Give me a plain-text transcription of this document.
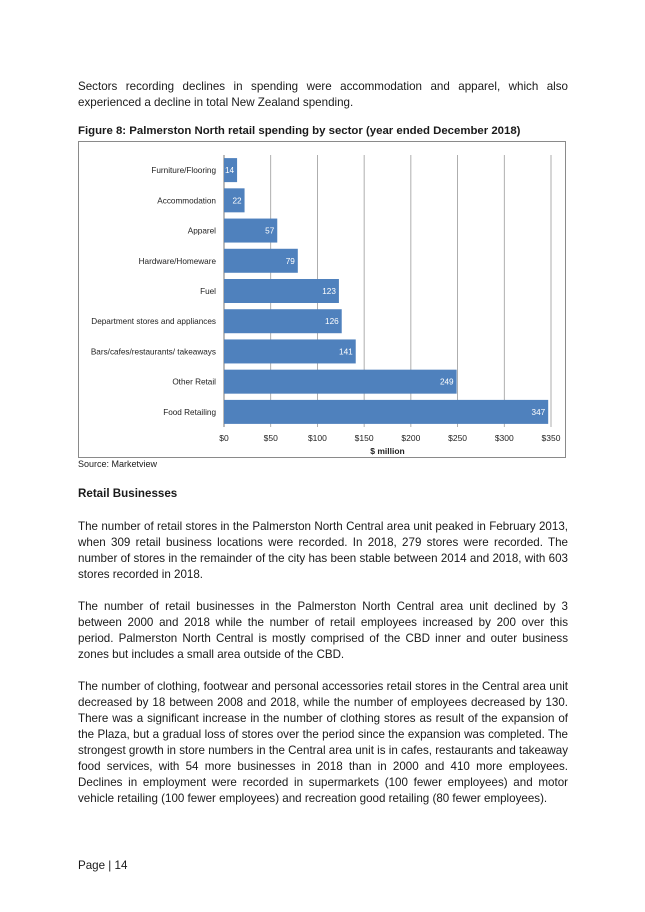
Sectors recording declines in spending were accommodation and apparel, which also experienced a decline in total New Zealand spending.

Figure 8: Palmerston North retail spending by sector (year ended December 2018)

$0	$50	$100	$150	$200	$250	$300	$350
Furniture/Flooring 14
Accommodation 22
Apparel	57
Hardware/Homeware	79
Fuel	123
Department stores and appliances	126
Bars/cafes/restaurants/ takeaways	141
Other Retail	249
Food Retailing	347
$ million

Source: Marketview

Retail Businesses

The number of retail stores in the Palmerston North Central area unit peaked in February 2013, when 309 retail business locations were recorded. In 2018, 279 stores were recorded. The number of stores in the remainder of the city has been stable between 2014 and 2018, with 603 stores recorded in 2018.

The number of retail businesses in the Palmerston North Central area unit declined by 3 between 2000 and 2018 while the number of retail employees increased by 200 over this period. Palmerston North Central is mostly comprised of the CBD inner and outer business zones but includes a small area outside of the CBD.

The number of clothing, footwear and personal accessories retail stores in the Central area unit decreased by 18 between 2008 and 2018, while the number of employees decreased by 130. There was a significant increase in the number of clothing stores as result of the expansion of the Plaza, but a gradual loss of stores over the period since the expansion was completed. The strongest growth in store numbers in the Central area unit is in cafes, restaurants and takeaway food services, with 54 more businesses in 2018 than in 2000 and 410 more employees. Declines in employment were recorded in supermarkets (100 fewer employees) and motor vehicle retailing (100 fewer employees) and recreation good retailing (80 fewer employees).

Page | 14
